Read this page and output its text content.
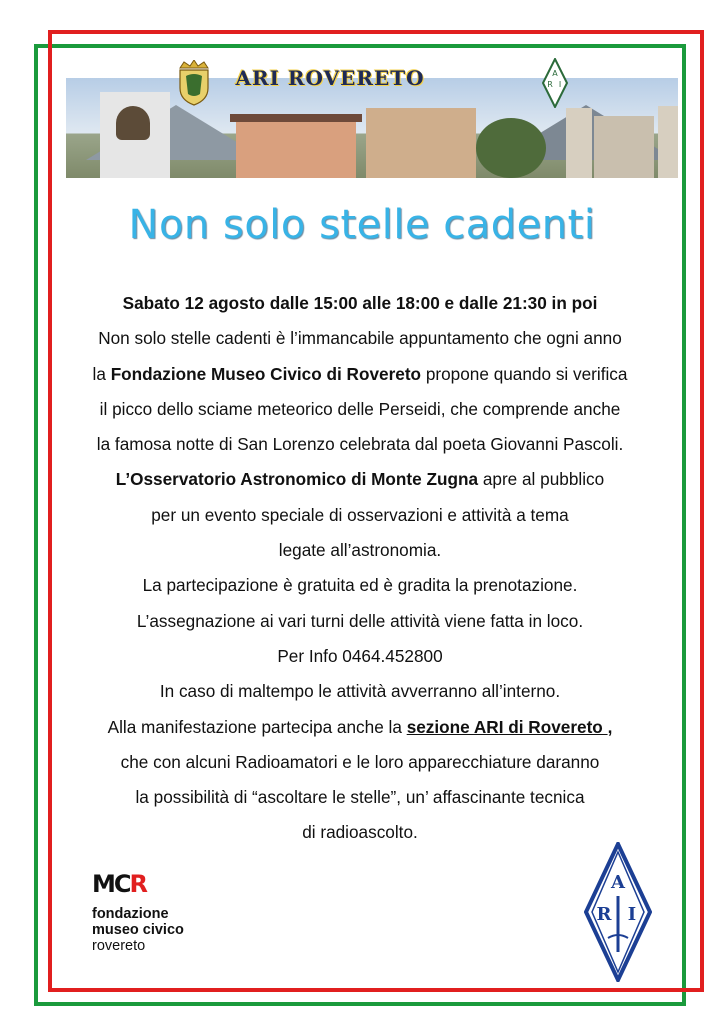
ARI ROVERETO	A
R I
Non solo stelle cadenti
Sabato 12 agosto dalle 15:00 alle 18:00 e dalle 21:30 in poi
Non solo stelle cadenti è l’immancabile appuntamento che ogni anno
la Fondazione Museo Civico di Rovereto propone quando si verifica
il picco dello sciame meteorico delle Perseidi, che comprende anche
la famosa notte di San Lorenzo celebrata dal poeta Giovanni Pascoli.
L’Osservatorio Astronomico di Monte Zugna apre al pubblico
per un evento speciale di osservazioni e attività a tema
legate all’astronomia.
La partecipazione è gratuita ed è gradita la prenotazione.
L’assegnazione ai vari turni delle attività viene fatta in loco.
Per Info 0464.452800
In caso di maltempo le attività avverranno all’interno.
Alla manifestazione partecipa anche la sezione ARI di Rovereto ,
che con alcuni Radioamatori e le loro apparecchiature daranno
la possibilità di “ascoltare le stelle”, un’ affascinante tecnica
di radioascolto.
MCR
fondazione
museo civico
rovereto
A
R I
